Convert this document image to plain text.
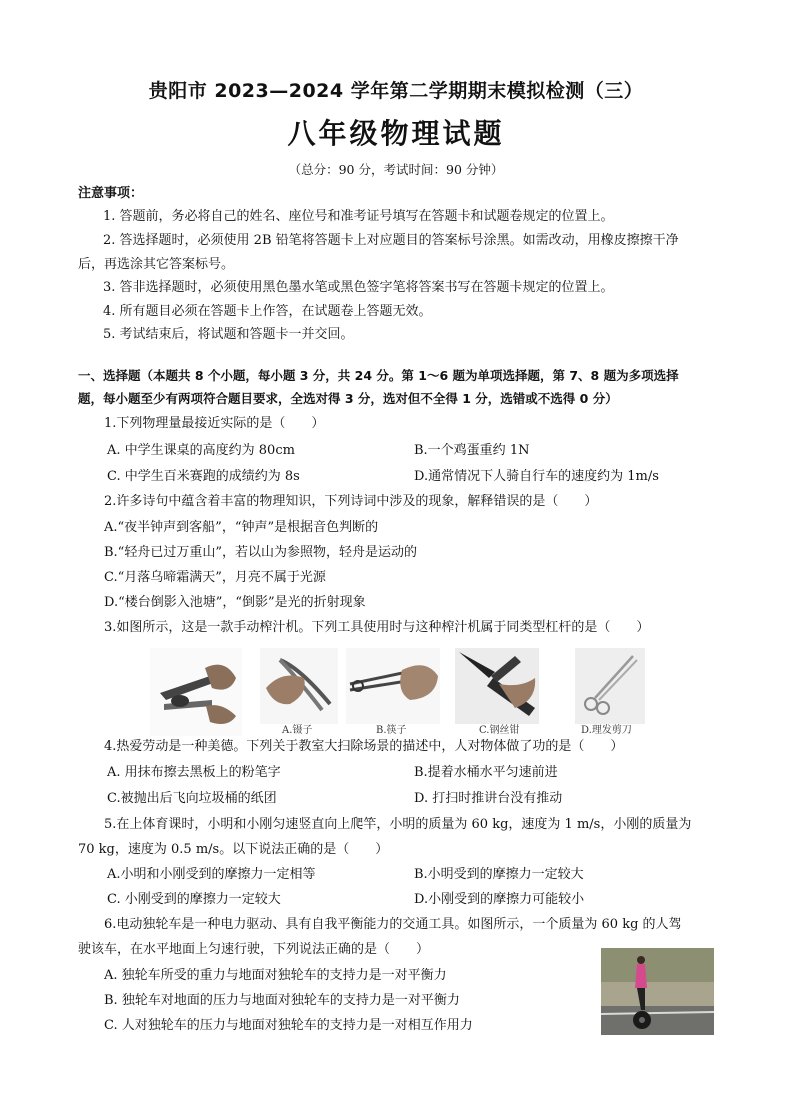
贵阳市 2023—2024 学年第二学期期末模拟检测（三）
八年级物理试题
（总分：90 分，考试时间：90 分钟）
注意事项：
1. 答题前，务必将自己的姓名、座位号和准考证号填写在答题卡和试题卷规定的位置上。
2. 答选择题时，必须使用 2B 铅笔将答题卡上对应题目的答案标号涂黑。如需改动，用橡皮擦擦干净
后，再选涂其它答案标号。
3. 答非选择题时，必须使用黑色墨水笔或黑色签字笔将答案书写在答题卡规定的位置上。
4. 所有题目必须在答题卡上作答，在试题卷上答题无效。
5. 考试结束后，将试题和答题卡一并交回。
一、选择题（本题共 8 个小题，每小题 3 分，共 24 分。第 1～6 题为单项选择题，第 7、8 题为多项选择
题，每小题至少有两项符合题目要求，全选对得 3 分，选对但不全得 1 分，选错或不选得 0 分）
1.下列物理量最接近实际的是（　　）
A. 中学生课桌的高度约为 80cm	B.一个鸡蛋重约 1N
C. 中学生百米赛跑的成绩约为 8s	D.通常情况下人骑自行车的速度约为 1m/s
2.许多诗句中蕴含着丰富的物理知识，下列诗词中涉及的现象，解释错误的是（　　）
A.“夜半钟声到客船”，“钟声”是根据音色判断的
B.“轻舟已过万重山”，若以山为参照物，轻舟是运动的
C.“月落乌啼霜满天”，月亮不属于光源
D.“楼台倒影入池塘”，“倒影”是光的折射现象
3.如图所示，这是一款手动榨汁机。下列工具使用时与这种榨汁机属于同类型杠杆的是（　　）
A.镊子	B.筷子	C.钢丝钳	D.理发剪刀
4.热爱劳动是一种美德。下列关于教室大扫除场景的描述中，人对物体做了功的是（　　）
A. 用抹布擦去黑板上的粉笔字	B.提着水桶水平匀速前进
C.被抛出后飞向垃圾桶的纸团	D. 打扫时推讲台没有推动
5.在上体育课时，小明和小刚匀速竖直向上爬竿，小明的质量为 60 kg，速度为 1 m/s，小刚的质量为
70 kg，速度为 0.5 m/s。以下说法正确的是（　　）
A.小明和小刚受到的摩擦力一定相等	B.小明受到的摩擦力一定较大
C. 小刚受到的摩擦力一定较大	D.小刚受到的摩擦力可能较小
6.电动独轮车是一种电力驱动、具有自我平衡能力的交通工具。如图所示，一个质量为 60 kg 的人驾
驶该车，在水平地面上匀速行驶，下列说法正确的是（　　）
A. 独轮车所受的重力与地面对独轮车的支持力是一对平衡力
B. 独轮车对地面的压力与地面对独轮车的支持力是一对平衡力
C. 人对独轮车的压力与地面对独轮车的支持力是一对相互作用力
